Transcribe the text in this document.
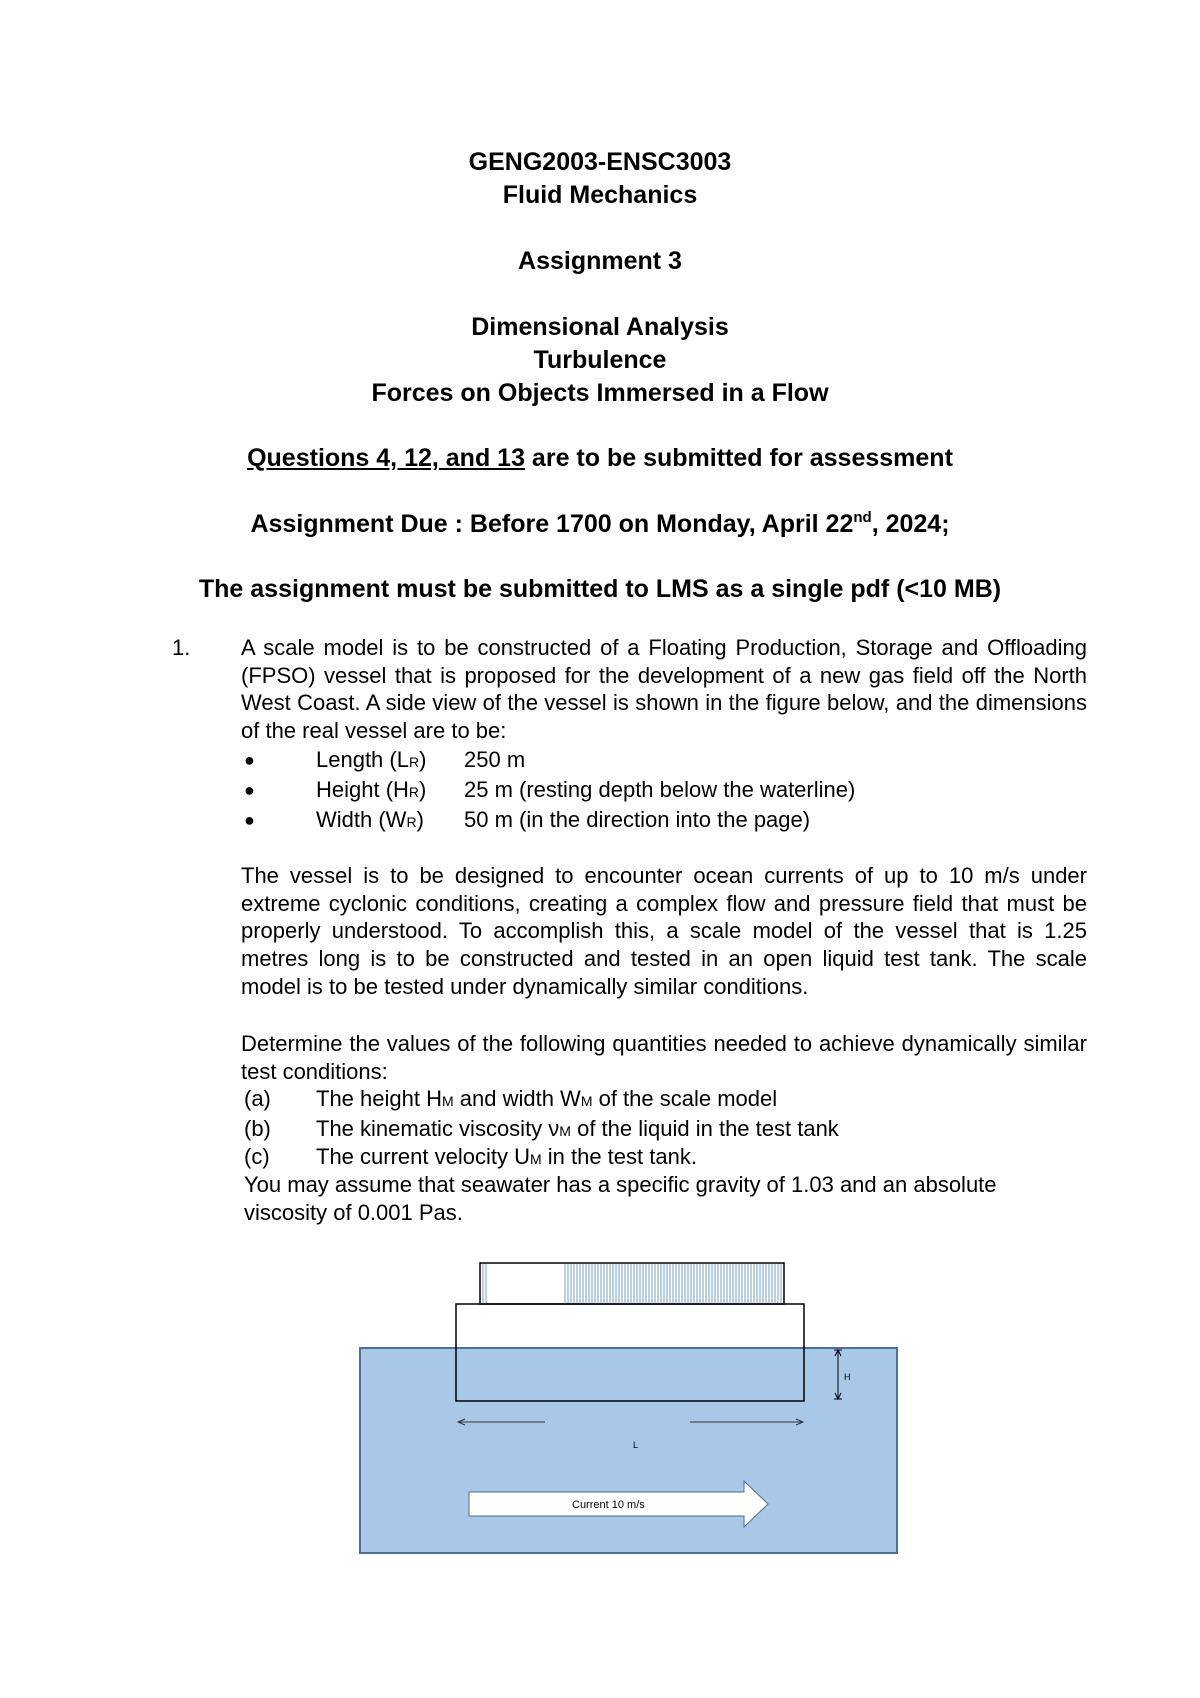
GENG2003-ENSC3003
Fluid Mechanics
Assignment 3
Dimensional Analysis
Turbulence
Forces on Objects Immersed in a Flow
Questions 4, 12, and 13 are to be submitted for assessment
Assignment Due : Before 1700 on Monday, April 22nd, 2024;
The assignment must be submitted to LMS as a single pdf (<10 MB)
1. A scale model is to be constructed of a Floating Production, Storage and Offloading (FPSO) vessel that is proposed for the development of a new gas field off the North West Coast. A side view of the vessel is shown in the figure below, and the dimensions of the real vessel are to be:

●	Length (LR) 250 m
●	Height (HR) 25 m (resting depth below the waterline)
●	Width (WR) 50 m (in the direction into the page)

The vessel is to be designed to encounter ocean currents of up to 10 m/s under extreme cyclonic conditions, creating a complex flow and pressure field that must be properly understood. To accomplish this, a scale model of the vessel that is 1.25 metres long is to be constructed and tested in an open liquid test tank. The scale model is to be tested under dynamically similar conditions.

Determine the values of the following quantities needed to achieve dynamically similar test conditions:

(a) The height HM and width WM of the scale model
(b) The kinematic viscosity νM of the liquid in the test tank
(c) The current velocity UM in the test tank.
You may assume that seawater has a specific gravity of 1.03 and an absolute
viscosity of 0.001 Pas.
H
L
Current 10 m/s
